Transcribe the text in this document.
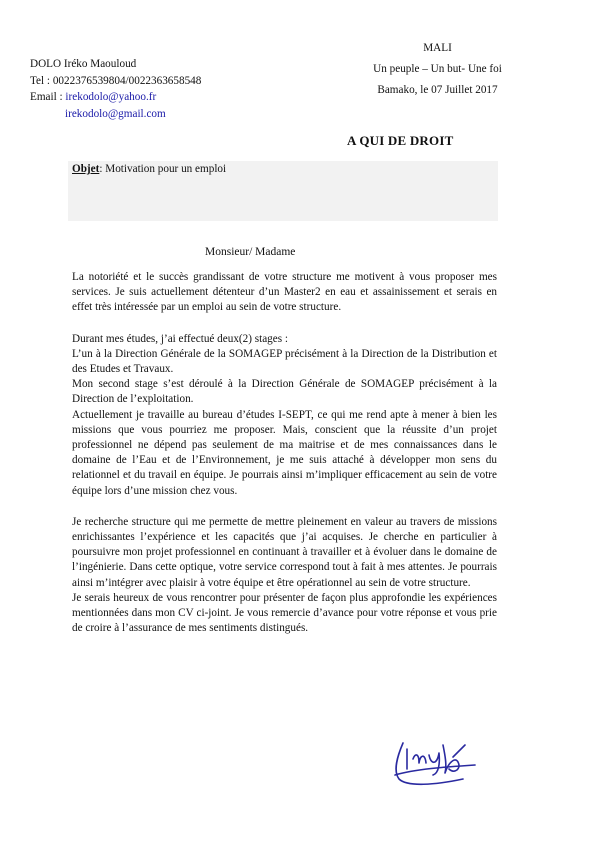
DOLO Iréko Maouloud
Tel : 0022376539804/0022363658548
Email : irekodolo@yahoo.fr
irekodolo@gmail.com
MALI
Un peuple – Un but- Une foi
Bamako, le 07 Juillet 2017
A QUI DE DROIT
Objet: Motivation pour un emploi
Monsieur/ Madame

La notoriété et le succès grandissant de votre structure me motivent à vous proposer mes services. Je suis actuellement détenteur d’un Master2 en eau et assainissement et serais en effet très intéressée par un emploi au sein de votre structure.

Durant mes études, j’ai effectué deux(2) stages :

L’un à la Direction Générale de la SOMAGEP précisément à la Direction de la Distribution et des Etudes et Travaux.

Mon second stage s’est déroulé à la Direction Générale de SOMAGEP précisément à la Direction de l’exploitation.

Actuellement je travaille au bureau d’études I-SEPT, ce qui me rend apte à mener à bien les missions que vous pourriez me proposer. Mais, conscient que la réussite d’un projet professionnel ne dépend pas seulement de ma maitrise et de mes connaissances dans le domaine de l’Eau et de l’Environnement, je me suis attaché à développer mon sens du relationnel et du travail en équipe. Je pourrais ainsi m’impliquer efficacement au sein de votre équipe lors d’une mission chez vous.

Je recherche structure qui me permette de mettre pleinement en valeur au travers de missions enrichissantes l’expérience et les capacités que j’ai acquises. Je cherche en particulier à poursuivre mon projet professionnel en continuant à travailler et à évoluer dans le domaine de l’ingénierie. Dans cette optique, votre service correspond tout à fait à mes attentes. Je pourrais ainsi m’intégrer avec plaisir à votre équipe et être opérationnel au sein de votre structure.

Je serais heureux de vous rencontrer pour présenter de façon plus approfondie les expériences mentionnées dans mon CV ci-joint. Je vous remercie d’avance pour votre réponse et vous prie de croire à l’assurance de mes sentiments distingués.
